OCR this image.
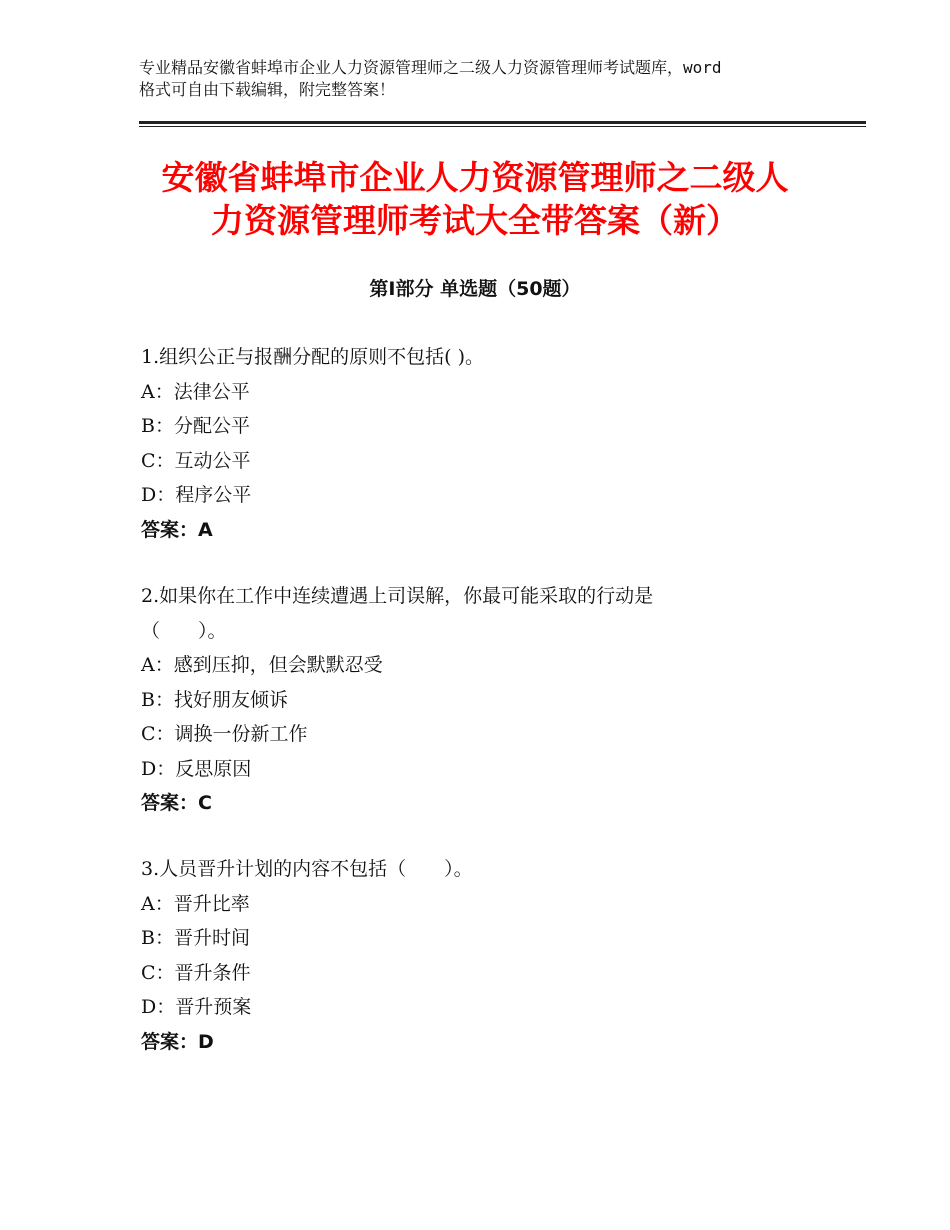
专业精品安徽省蚌埠市企业人力资源管理师之二级人力资源管理师考试题库，word
格式可自由下载编辑，附完整答案！
安徽省蚌埠市企业人力资源管理师之二级人
力资源管理师考试大全带答案（新）
第Ⅰ部分 单选题（50题）
1.组织公正与报酬分配的原则不包括( )。
A：法律公平
B：分配公平
C：互动公平
D：程序公平
答案：A
2.如果你在工作中连续遭遇上司误解，你最可能采取的行动是
（　　）。
A：感到压抑，但会默默忍受
B：找好朋友倾诉
C：调换一份新工作
D：反思原因
答案：C
3.人员晋升计划的内容不包括（　　）。
A：晋升比率
B：晋升时间
C：晋升条件
D：晋升预案
答案：D
